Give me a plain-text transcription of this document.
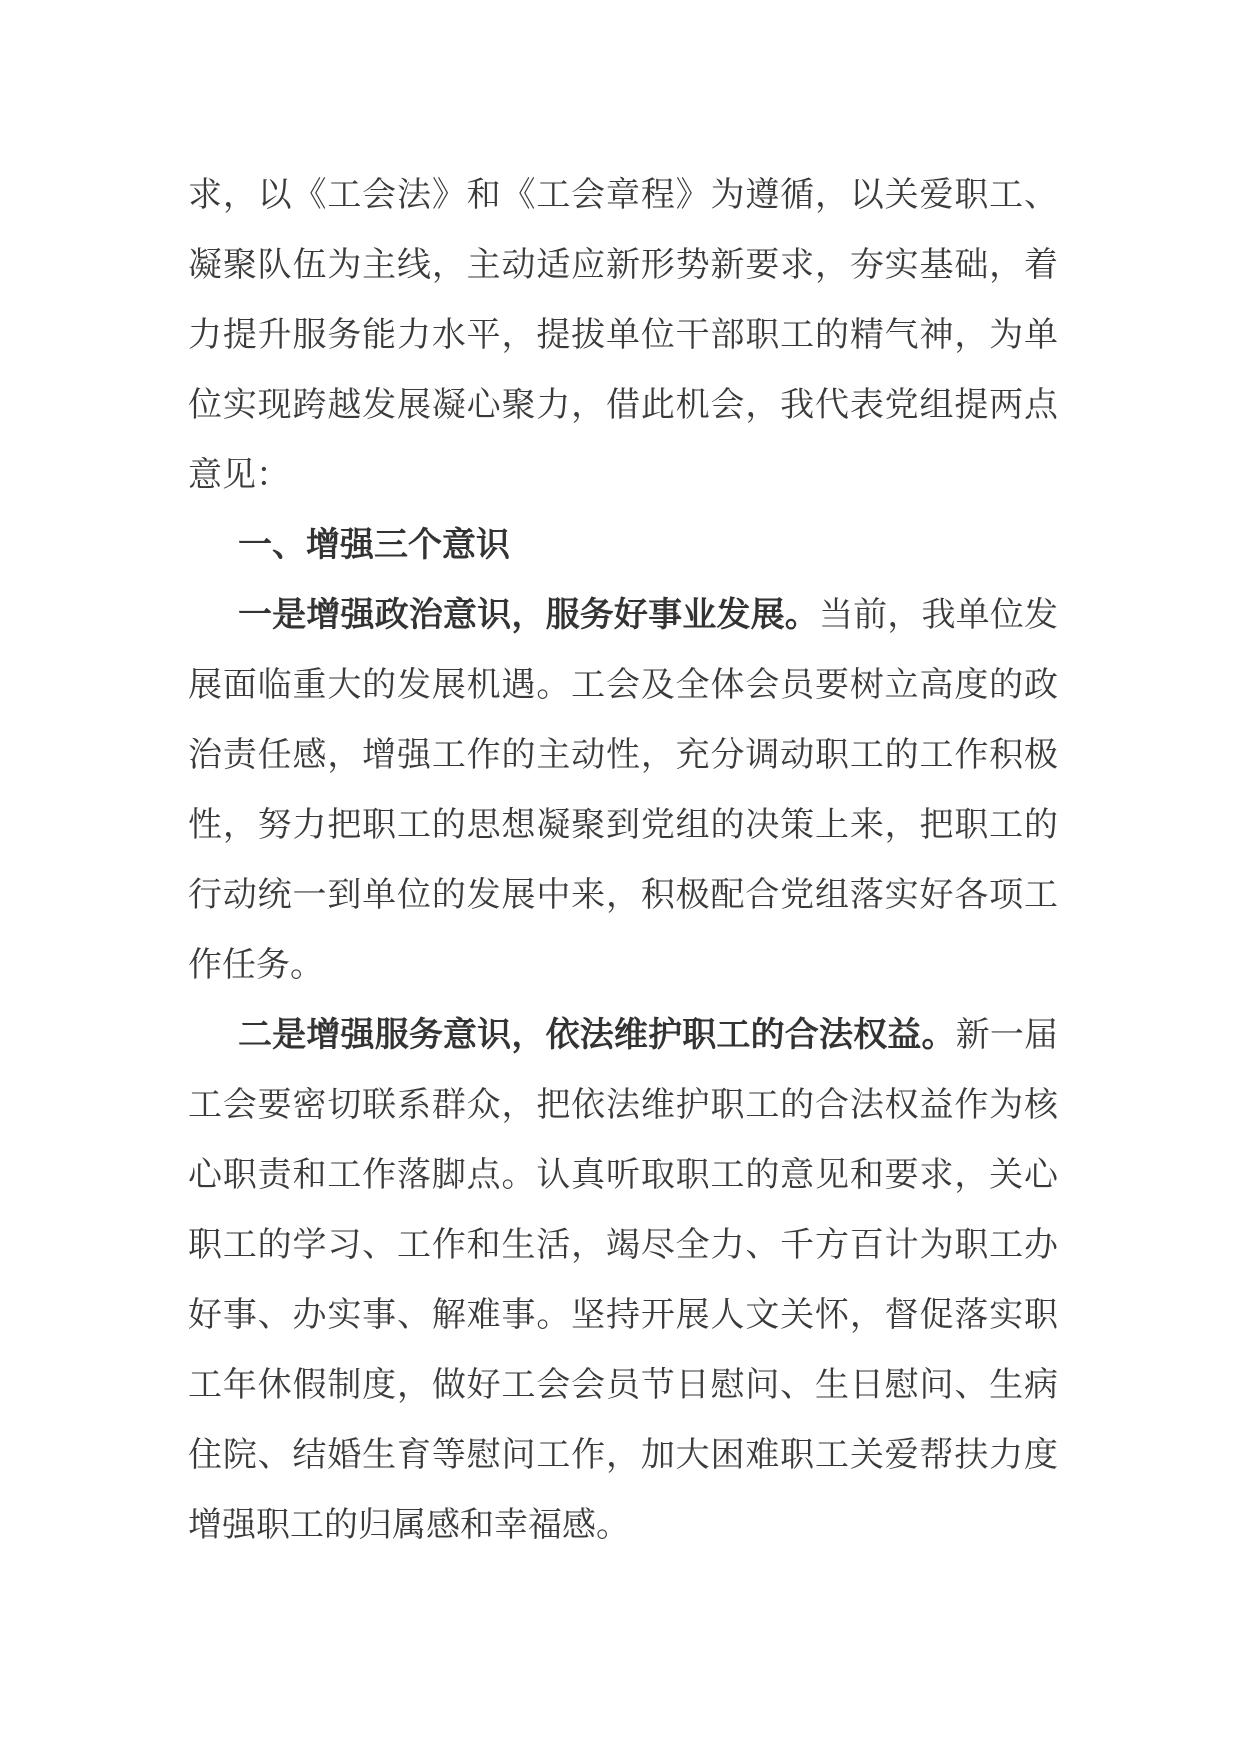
求，以《工会法》和《工会章程》为遵循，以关爱职工、凝聚队伍为主线，主动适应新形势新要求，夯实基础，着力提升服务能力水平，提拔单位干部职工的精气神，为单位实现跨越发展凝心聚力，借此机会，我代表党组提两点意见：

一、增强三个意识

一是增强政治意识，服务好事业发展。当前，我单位发展面临重大的发展机遇。工会及全体会员要树立高度的政治责任感，增强工作的主动性，充分调动职工的工作积极性，努力把职工的思想凝聚到党组的决策上来，把职工的行动统一到单位的发展中来，积极配合党组落实好各项工作任务。

二是增强服务意识，依法维护职工的合法权益。新一届工会要密切联系群众，把依法维护职工的合法权益作为核心职责和工作落脚点。认真听取职工的意见和要求，关心职工的学习、工作和生活，竭尽全力、千方百计为职工办好事、办实事、解难事。坚持开展人文关怀，督促落实职工年休假制度，做好工会会员节日慰问、生日慰问、生病住院、结婚生育等慰问工作，加大困难职工关爱帮扶力度增强职工的归属感和幸福感。
